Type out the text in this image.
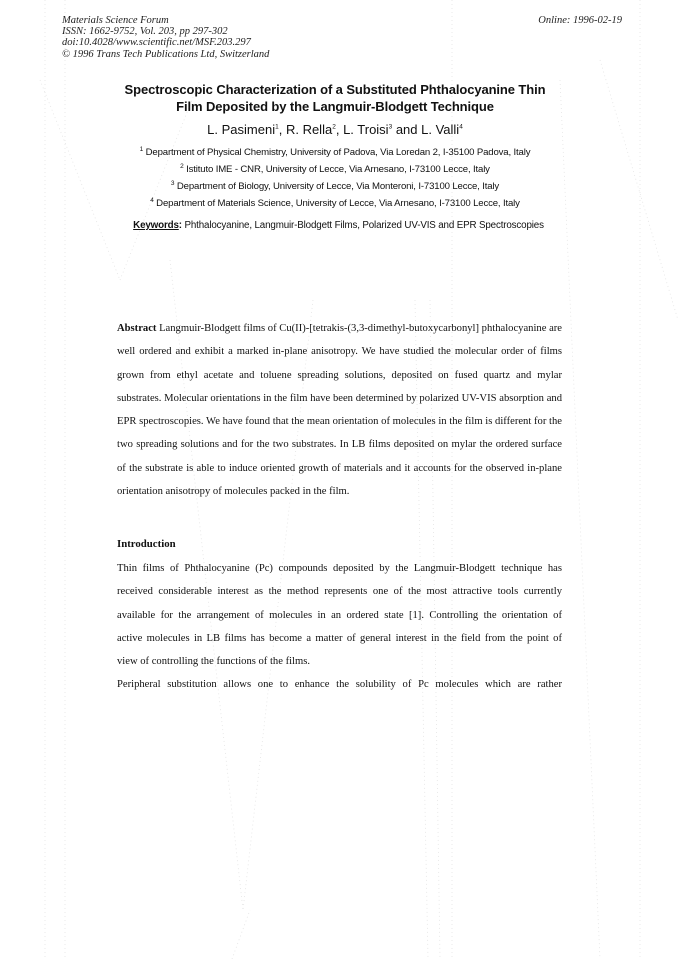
Materials Science Forum
ISSN: 1662-9752, Vol. 203, pp 297-302
doi:10.4028/www.scientific.net/MSF.203.297
© 1996 Trans Tech Publications Ltd, Switzerland
Online: 1996-02-19
Spectroscopic Characterization of a Substituted Phthalocyanine Thin
Film Deposited by the Langmuir-Blodgett Technique
L. Pasimeni$^1$, R. Rella$^2$, L. Troisi$^3$ and L. Valli$^4$
$^1$ Department of Physical Chemistry, University of Padova, Via Loredan 2, I-35100 Padova, Italy
$^2$ Istituto IME - CNR, University of Lecce, Via Arnesano, I-73100 Lecce, Italy
$^3$ Department of Biology, University of Lecce, Via Monteroni, I-73100 Lecce, Italy
$^4$ Department of Materials Science, University of Lecce, Via Arnesano, I-73100 Lecce, Italy
Keywords: Phthalocyanine, Langmuir-Blodgett Films, Polarized UV-VIS and EPR Spectroscopies
Abstract Langmuir-Blodgett films of Cu(II)-[tetrakis-(3,3-dimethyl-butoxycarbonyl] phthalocyanine are well ordered and exhibit a marked in-plane anisotropy. We have studied the molecular order of films grown from ethyl acetate and toluene spreading solutions, deposited on fused quartz and mylar substrates. Molecular orientations in the film have been determined by polarized UV-VIS absorption and EPR spectroscopies. We have found that the mean orientation of molecules in the film is different for the two spreading solutions and for the two substrates. In LB films deposited on mylar the ordered surface of the substrate is able to induce oriented growth of materials and it accounts for the observed in-plane orientation anisotropy of molecules packed in the film.
Introduction
Thin films of Phthalocyanine (Pc) compounds deposited by the Langmuir-Blodgett technique has
received considerable interest as the method represents one of the most attractive tools currently
available for the arrangement of molecules in an ordered state [1]. Controlling the orientation of
active molecules in LB films has become a matter of general interest in the field from the point of
view of controlling the functions of the films.
Peripheral substitution allows one to enhance the solubility of Pc molecules which are rather
